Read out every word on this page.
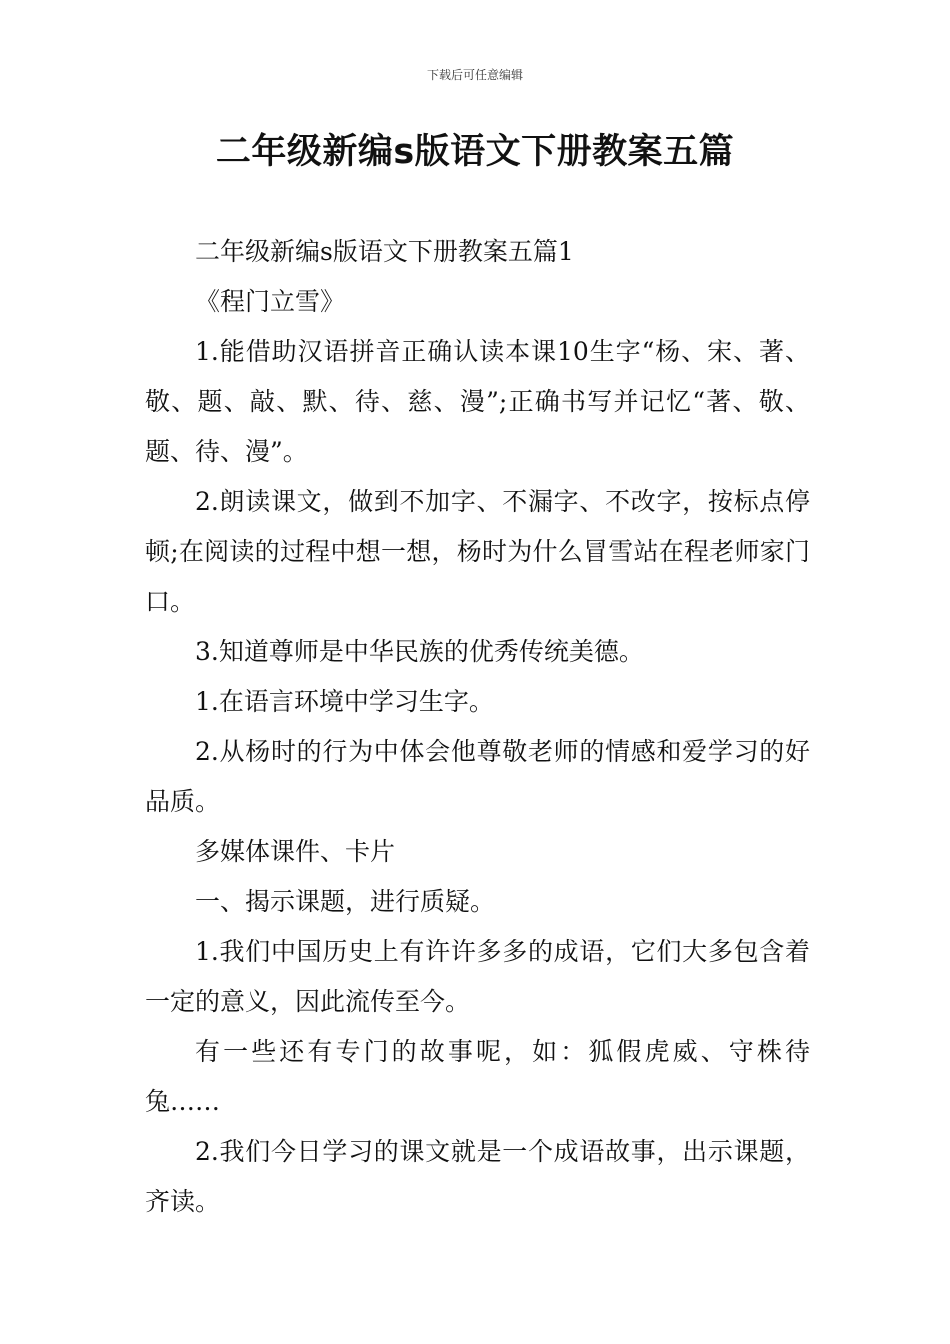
下载后可任意编辑
二年级新编s版语文下册教案五篇

二年级新编s版语文下册教案五篇1

《程门立雪》

1.能借助汉语拼音正确认读本课10生字“杨、宋、著、敬、题、敲、默、待、慈、漫”;正确书写并记忆“著、敬、题、待、漫”。

2.朗读课文，做到不加字、不漏字、不改字，按标点停顿;在阅读的过程中想一想，杨时为什么冒雪站在程老师家门口。

3.知道尊师是中华民族的优秀传统美德。

1.在语言环境中学习生字。

2.从杨时的行为中体会他尊敬老师的情感和爱学习的好品质。

多媒体课件、卡片

一、揭示课题，进行质疑。

1.我们中国历史上有许许多多的成语，它们大多包含着一定的意义，因此流传至今。

有一些还有专门的故事呢，如：狐假虎威、守株待兔……

2.我们今日学习的课文就是一个成语故事，出示课题，齐读。
